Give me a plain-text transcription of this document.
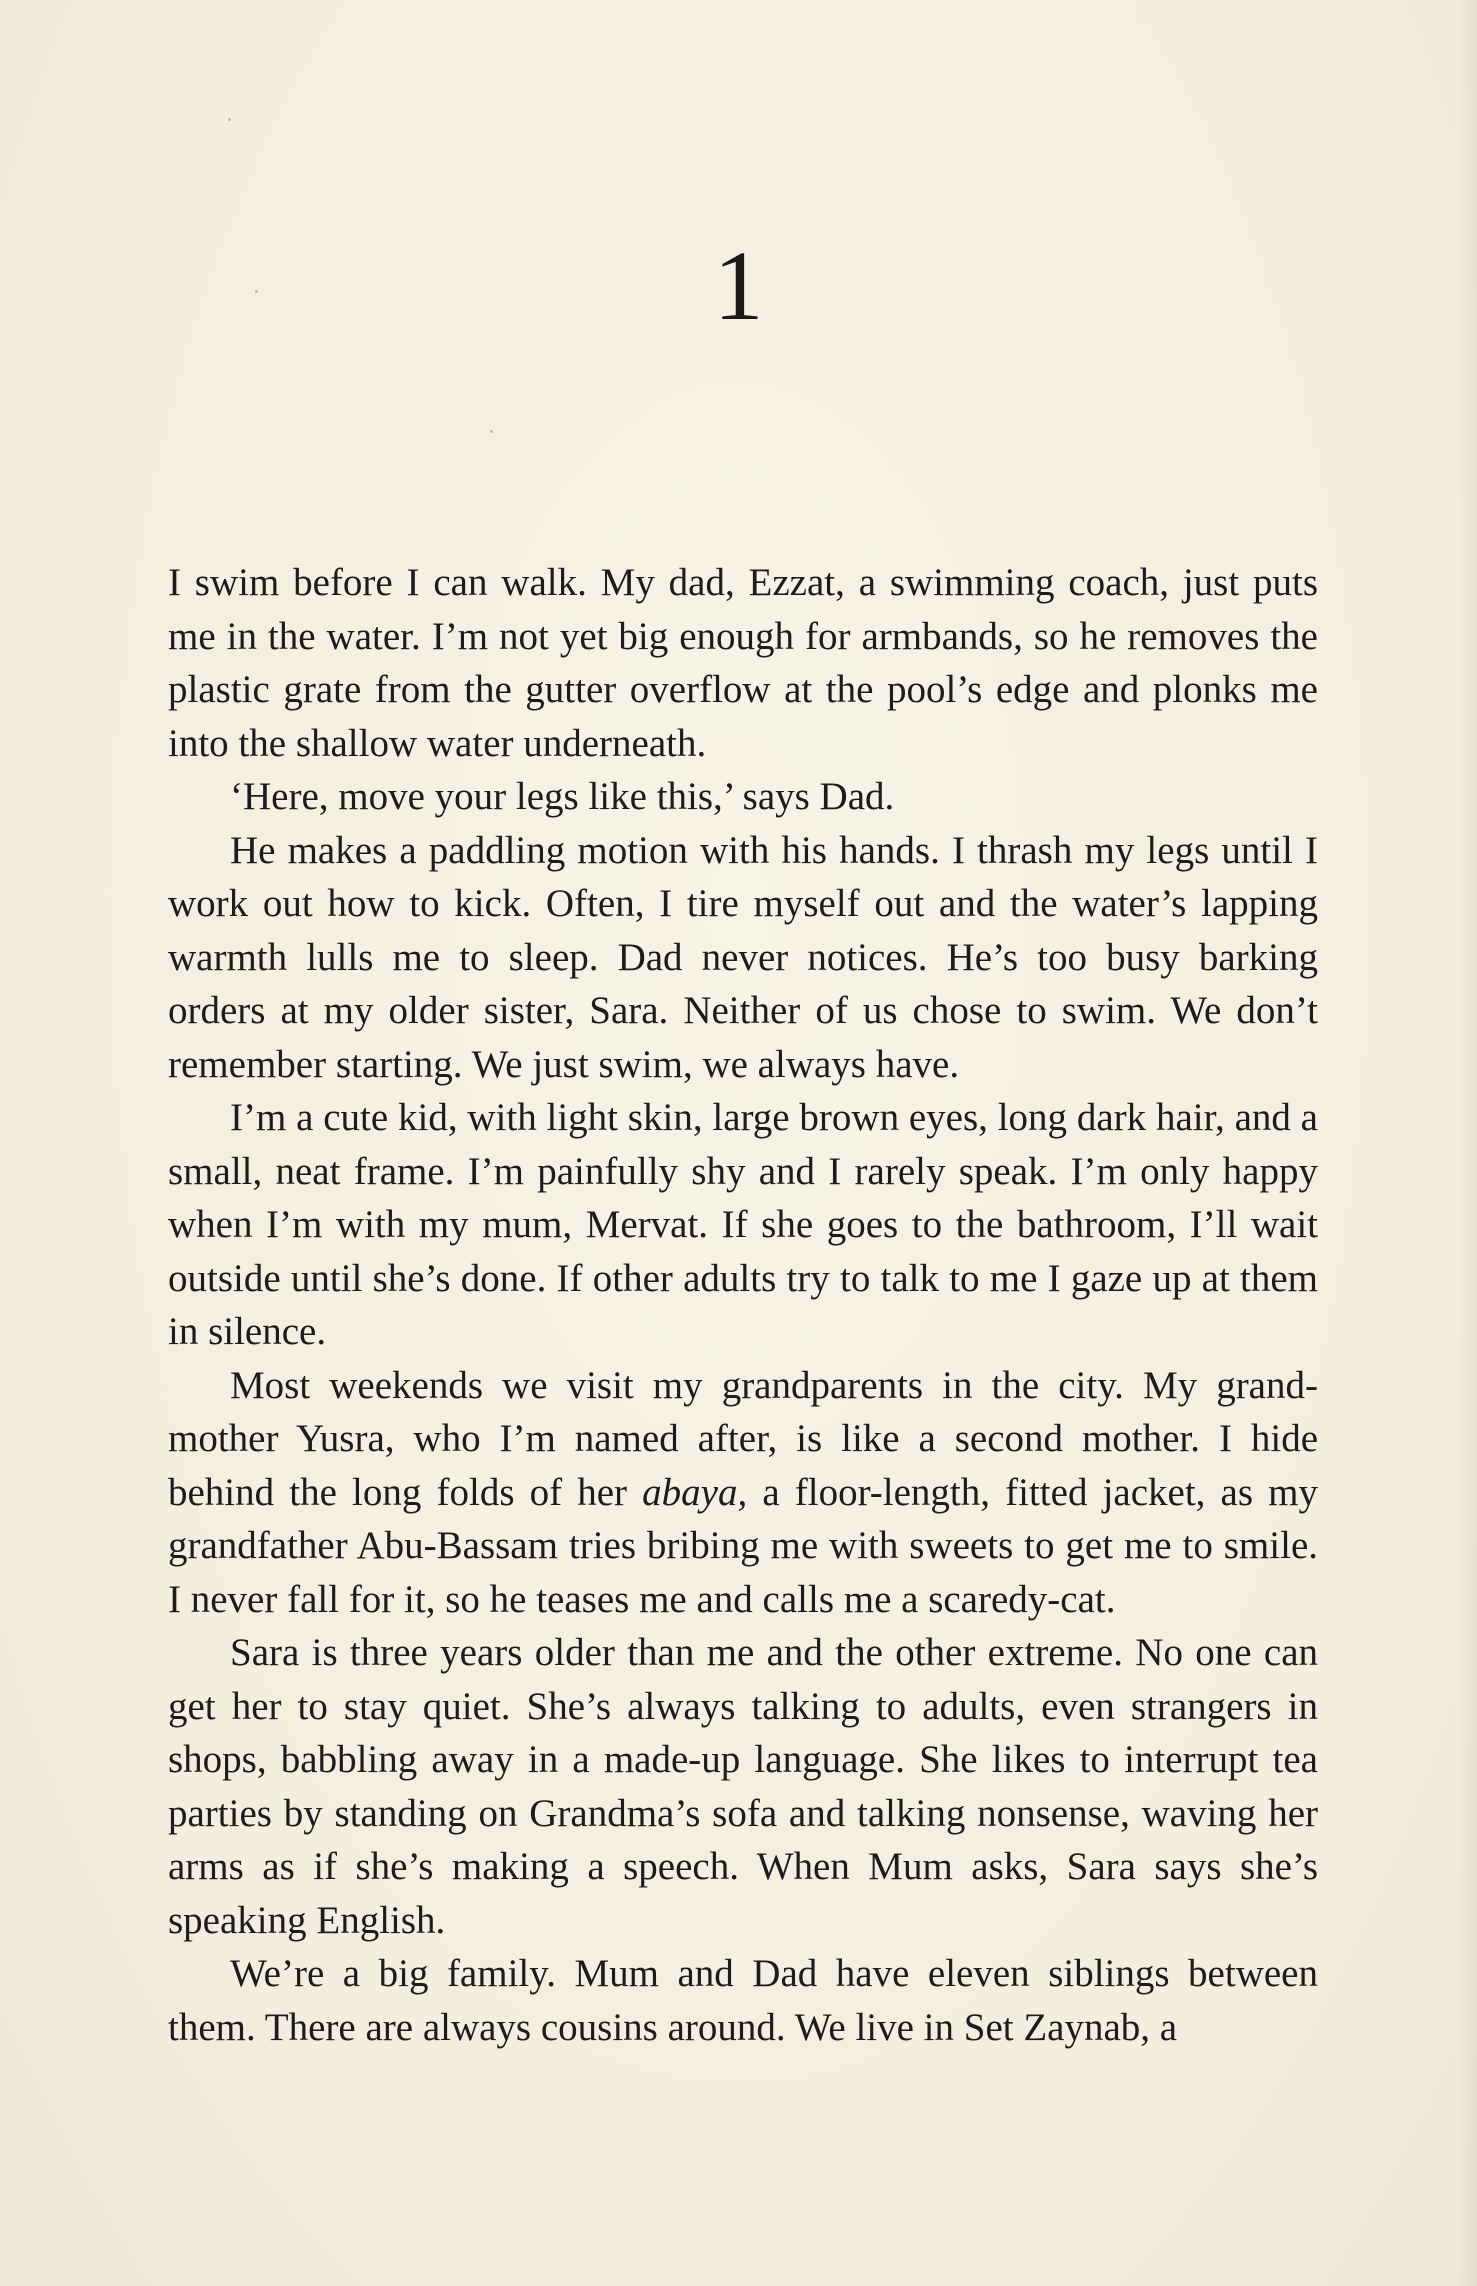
1

I swim before I can walk. My dad, Ezzat, a swimming coach, just puts me in the water. I’m not yet big enough for armbands, so he removes the plastic grate from the gutter overflow at the pool’s edge and plonks me into the shallow water underneath.

‘Here, move your legs like this,’ says Dad.

He makes a paddling motion with his hands. I thrash my legs until I work out how to kick. Often, I tire myself out and the water’s lapping warmth lulls me to sleep. Dad never notices. He’s too busy barking orders at my older sister, Sara. Neither of us chose to swim. We don’t remember starting. We just swim, we always have.

I’m a cute kid, with light skin, large brown eyes, long dark hair, and a small, neat frame. I’m painfully shy and I rarely speak. I’m only happy when I’m with my mum, Mervat. If she goes to the bathroom, I’ll wait outside until she’s done. If other adults try to talk to me I gaze up at them in silence.

Most weekends we visit my grandparents in the city. My grandmother Yusra, who I’m named after, is like a second mother. I hide behind the long folds of her abaya, a floor-length, fitted jacket, as my grandfather Abu-Bassam tries bribing me with sweets to get me to smile. I never fall for it, so he teases me and calls me a scaredy-cat.

Sara is three years older than me and the other extreme. No one can get her to stay quiet. She’s always talking to adults, even strangers in shops, babbling away in a made-up language. She likes to interrupt tea parties by standing on Grandma’s sofa and talking nonsense, waving her arms as if she’s making a speech. When Mum asks, Sara says she’s speaking English.

We’re a big family. Mum and Dad have eleven siblings between them. There are always cousins around. We live in Set Zaynab, a
